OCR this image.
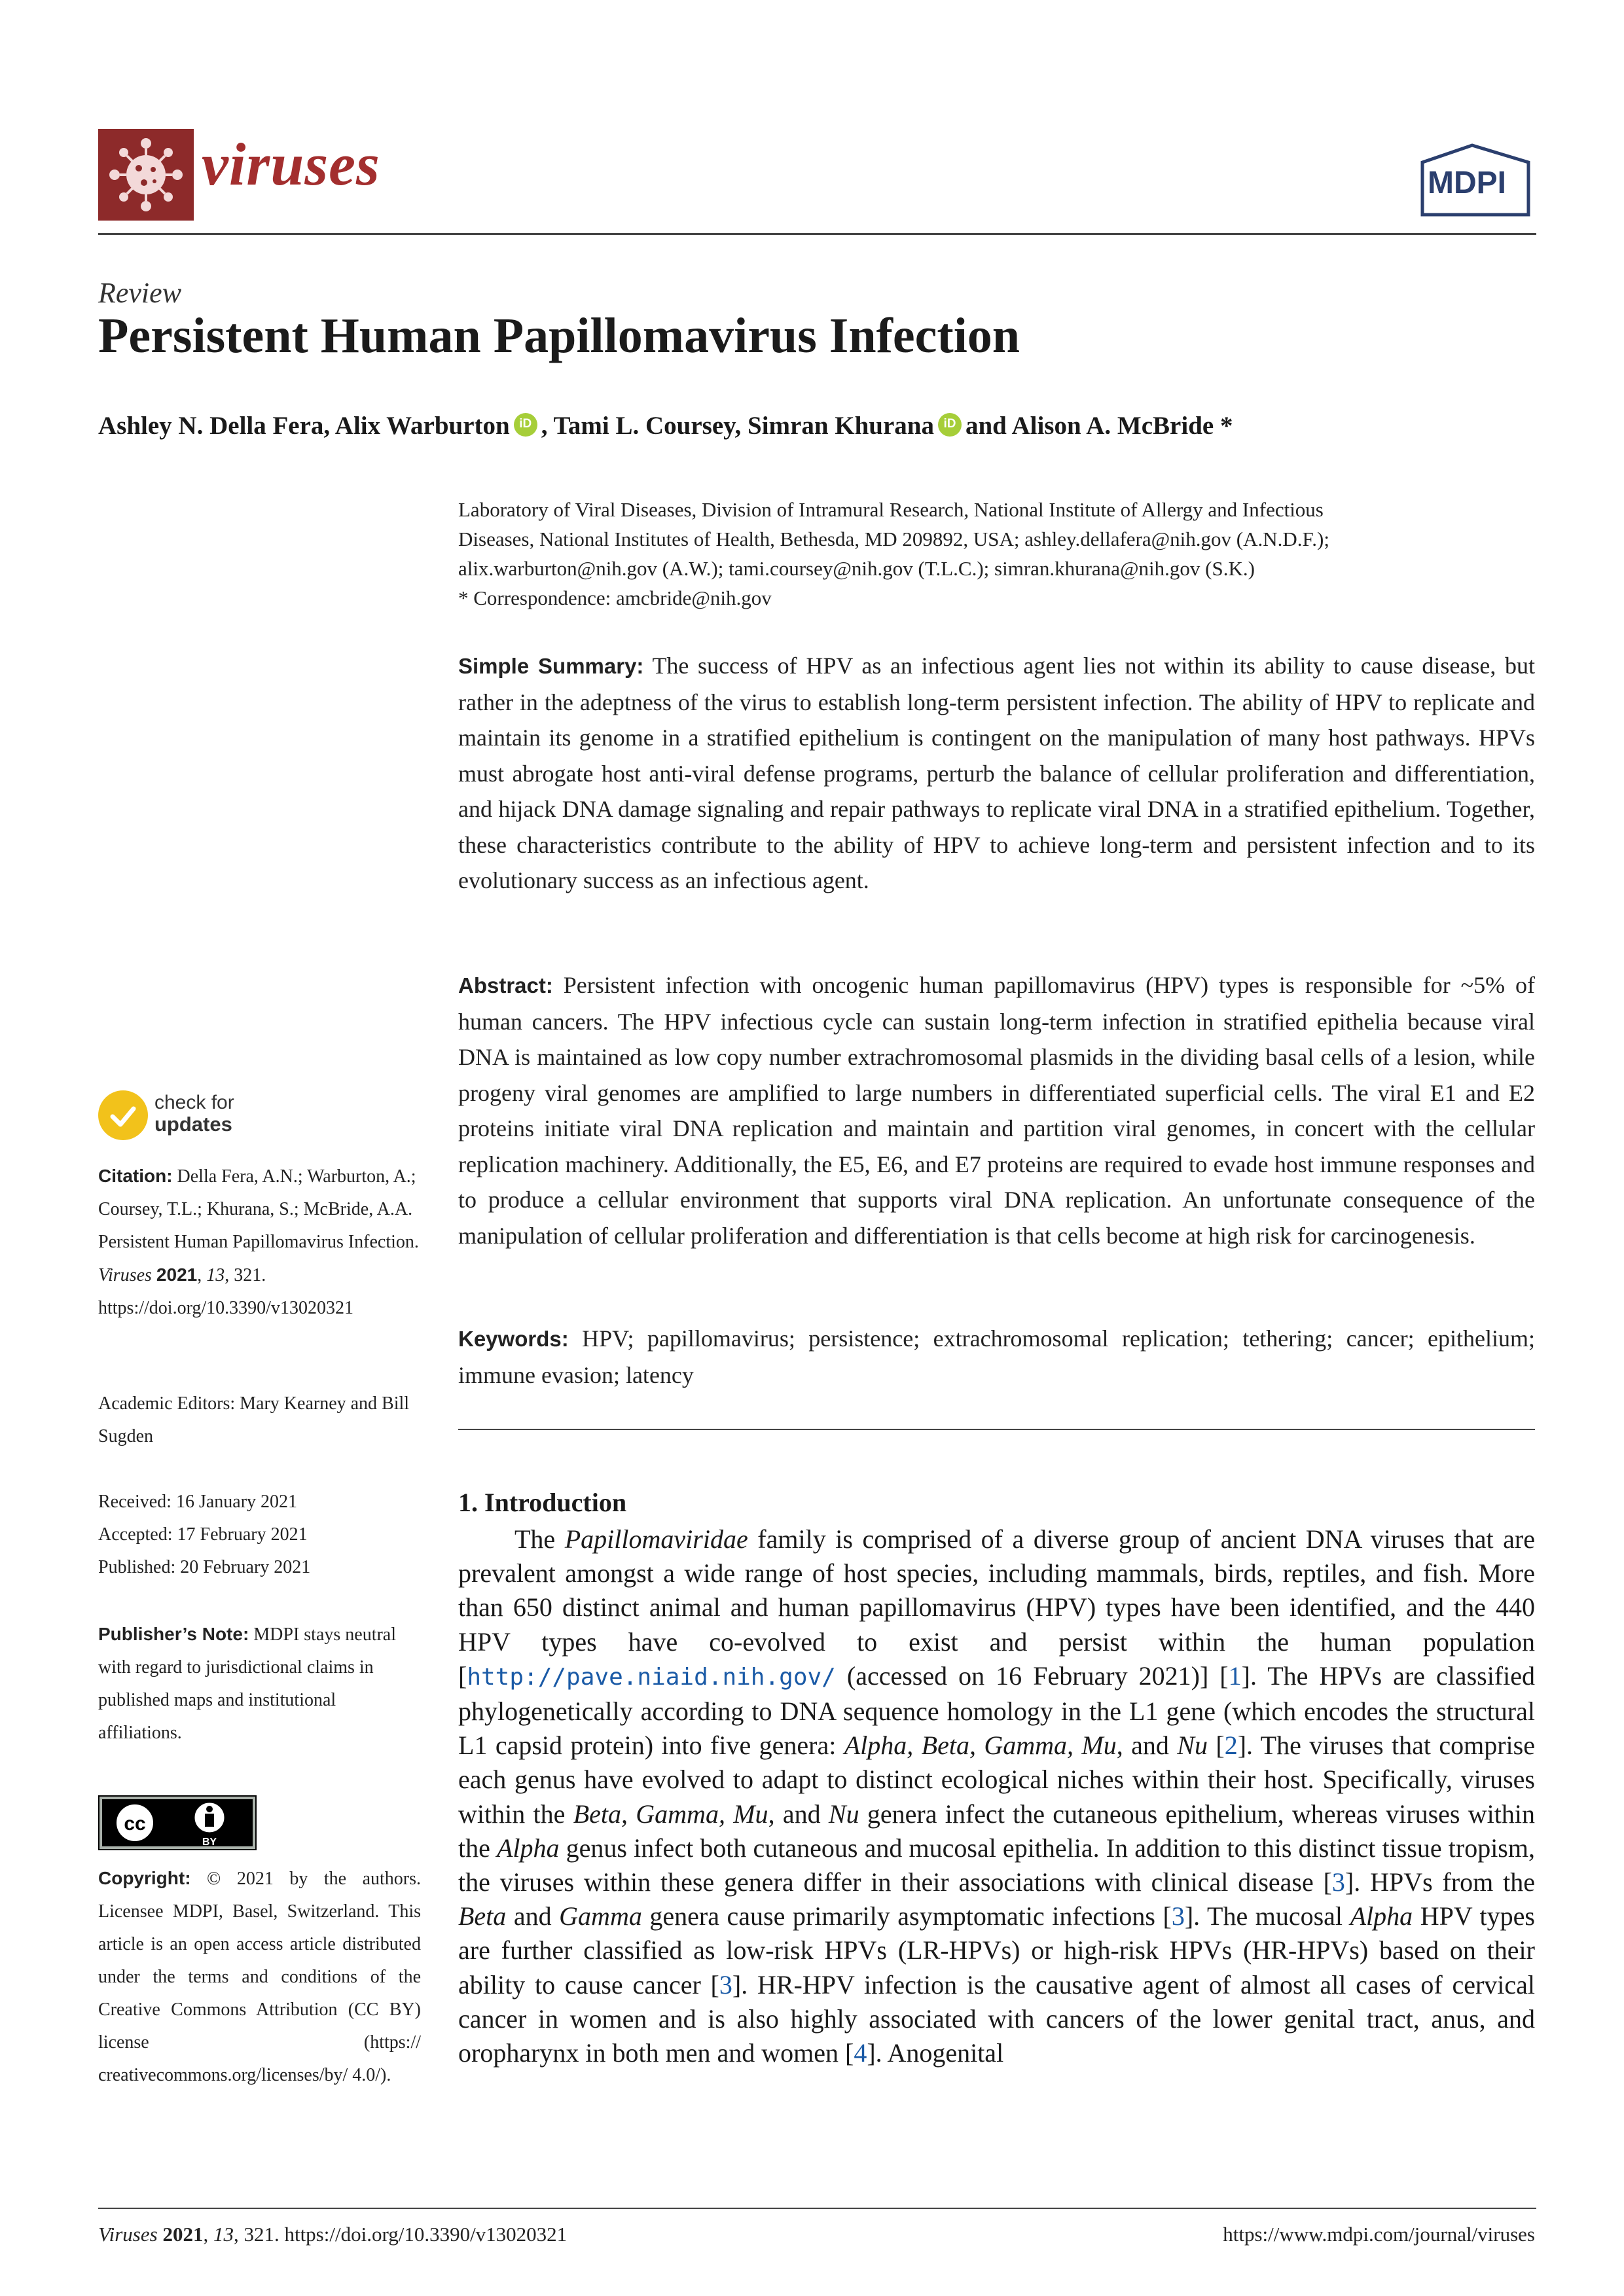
viruses	MDPI
Review
Persistent Human Papillomavirus Infection
Ashley N. Della Fera, Alix Warburton iD , Tami L. Coursey, Simran Khurana iD and Alison A. McBride *
Laboratory of Viral Diseases, Division of Intramural Research, National Institute of Allergy and Infectious
Diseases, National Institutes of Health, Bethesda, MD 209892, USA; ashley.dellafera@nih.gov (A.N.D.F.);
alix.warburton@nih.gov (A.W.); tami.coursey@nih.gov (T.L.C.); simran.khurana@nih.gov (S.K.)
* Correspondence: amcbride@nih.gov
Simple Summary: The success of HPV as an infectious agent lies not within its ability to cause disease, but rather in the adeptness of the virus to establish long-term persistent infection. The ability of HPV to replicate and maintain its genome in a stratified epithelium is contingent on the manipulation of many host pathways. HPVs must abrogate host anti-viral defense programs, perturb the balance of cellular proliferation and differentiation, and hijack DNA damage signaling and repair pathways to replicate viral DNA in a stratified epithelium. Together, these characteristics contribute to the ability of HPV to achieve long-term and persistent infection and to its evolutionary success as an infectious agent.
Abstract: Persistent infection with oncogenic human papillomavirus (HPV) types is responsible for ~5% of human cancers. The HPV infectious cycle can sustain long-term infection in stratified epithelia because viral DNA is maintained as low copy number extrachromosomal plasmids in the dividing basal cells of a lesion, while progeny viral genomes are amplified to large numbers in differentiated superficial cells. The viral E1 and E2 proteins initiate viral DNA replication and maintain and partition viral genomes, in concert with the cellular replication machinery. Additionally, the E5, E6, and E7 proteins are required to evade host immune responses and to produce a cellular environment that supports viral DNA replication. An unfortunate consequence of the manipulation of cellular proliferation and differentiation is that cells become at high risk for carcinogenesis.
Keywords: HPV; papillomavirus; persistence; extrachromosomal replication; tethering; cancer; epithelium; immune evasion; latency
1. Introduction
The Papillomaviridae family is comprised of a diverse group of ancient DNA viruses that are prevalent amongst a wide range of host species, including mammals, birds, reptiles, and fish. More than 650 distinct animal and human papillomavirus (HPV) types have been identified, and the 440 HPV types have co-evolved to exist and persist within the human population [http://pave.niaid.nih.gov/ (accessed on 16 February 2021)] [1]. The HPVs are classified phylogenetically according to DNA sequence homology in the L1 gene (which encodes the structural L1 capsid protein) into five genera: Alpha, Beta, Gamma, Mu, and Nu [2]. The viruses that comprise each genus have evolved to adapt to distinct ecological niches within their host. Specifically, viruses within the Beta, Gamma, Mu, and Nu genera infect the cutaneous epithelium, whereas viruses within the Alpha genus infect both cutaneous and mucosal epithelia. In addition to this distinct tissue tropism, the viruses within these genera differ in their associations with clinical disease [3]. HPVs from the Beta and Gamma genera cause primarily asymptomatic infections [3]. The mucosal Alpha HPV types are further classified as low-risk HPVs (LR-HPVs) or high-risk HPVs (HR-HPVs) based on their ability to cause cancer [3]. HR-HPV infection is the causative agent of almost all cases of cervical cancer in women and is also highly associated with cancers of the lower genital tract, anus, and oropharynx in both men and women [4]. Anogenital
check for
updates
Citation: Della Fera, A.N.; Warburton, A.; Coursey, T.L.; Khurana, S.; McBride, A.A. Persistent Human Papillomavirus Infection. Viruses 2021, 13, 321. https://doi.org/10.3390/v13020321
Academic Editors: Mary Kearney and Bill Sugden
Received: 16 January 2021
Accepted: 17 February 2021
Published: 20 February 2021
Publisher’s Note: MDPI stays neutral with regard to jurisdictional claims in published maps and institutional affiliations.
cc
BY
Copyright: © 2021 by the authors. Licensee MDPI, Basel, Switzerland. This article is an open access article distributed under the terms and conditions of the Creative Commons Attribution (CC BY) license (https:// creativecommons.org/licenses/by/ 4.0/).
Viruses 2021, 13, 321. https://doi.org/10.3390/v13020321	https://www.mdpi.com/journal/viruses
